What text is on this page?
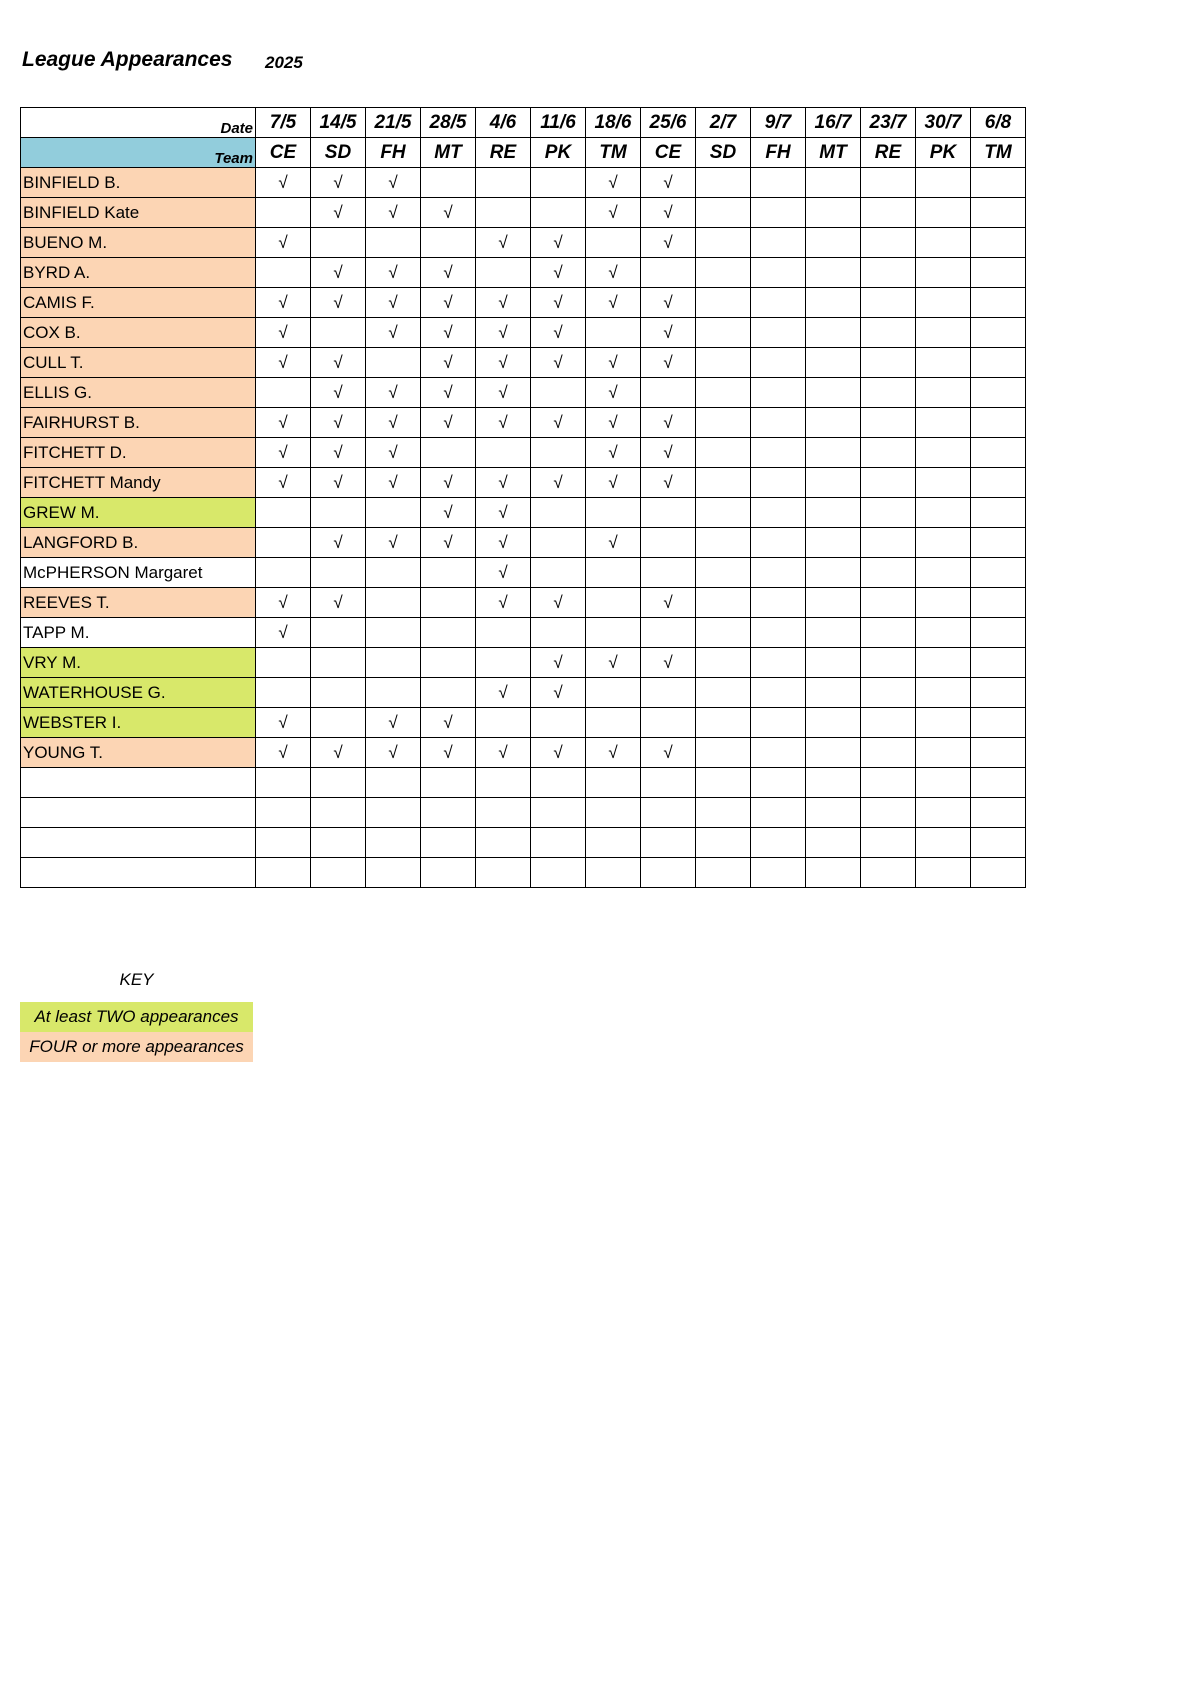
League Appearances 2025
Date	7/5	14/5	21/5	28/5	4/6	11/6	18/6	25/6	2/7	9/7	16/7	23/7	30/7	6/8
Team	CE	SD	FH	MT	RE	PK	TM	CE	SD	FH	MT	RE	PK	TM
BINFIELD B.	√	√	√				√	√						
BINFIELD Kate		√	√	√			√	√						
BUENO M.	√				√	√		√						
BYRD A.		√	√	√		√	√							
CAMIS F.	√	√	√	√	√	√	√	√						
COX B.	√		√	√	√	√		√						
CULL T.	√	√		√	√	√	√	√						
ELLIS G.		√	√	√	√		√							
FAIRHURST B.	√	√	√	√	√	√	√	√						
FITCHETT D.	√	√	√				√	√						
FITCHETT Mandy	√	√	√	√	√	√	√	√						
GREW M.				√	√									
LANGFORD B.		√	√	√	√		√							
McPHERSON Margaret					√									
REEVES T.	√	√			√	√		√						
TAPP M.	√													
VRY M.						√	√	√						
WATERHOUSE G.					√	√								
WEBSTER I.	√		√	√										
YOUNG T.	√	√	√	√	√	√	√	√						

KEY
At least TWO appearances
FOUR or more appearances
